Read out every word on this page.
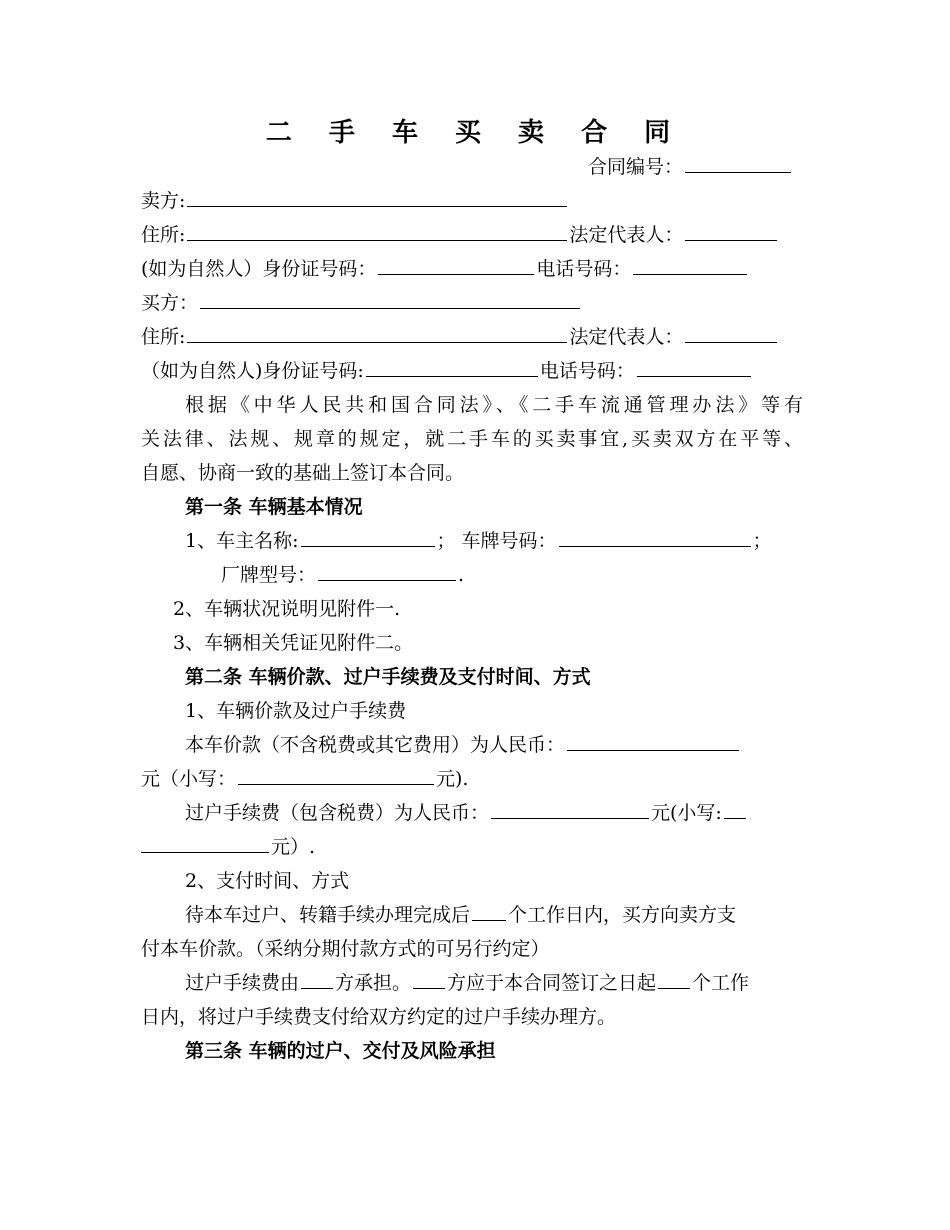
二 手 车 买 卖 合 同
合同编号：
卖方:
住所:	法定代表人：
(如为自然人）身份证号码：	电话号码：
买方：
住所:	法定代表人：
（如为自然人)身份证号码:	电话号码：
根据《中华人民共和国合同法》、《二手车流通管理办法》等有
关法律、法规、规章的规定，就二手车的买卖事宜,买卖双方在平等、
自愿、协商一致的基础上签订本合同。
第一条 车辆基本情况
1、车主名称:	； 车牌号码：	；
厂牌型号：	.
2、车辆状况说明见附件一.
3、车辆相关凭证见附件二。
第二条 车辆价款、过户手续费及支付时间、方式
1、车辆价款及过户手续费
本车价款（不含税费或其它费用）为人民币：
元（小写：	元).
过户手续费（包含税费）为人民币：	元(小写:
元）.
2、支付时间、方式
待本车过户、转籍手续办理完成后 个工作日内，买方向卖方支
付本车价款。（采纳分期付款方式的可另行约定）
过户手续费由 方承担。 方应于本合同签订之日起 个工作
日内，将过户手续费支付给双方约定的过户手续办理方。
第三条 车辆的过户、交付及风险承担
